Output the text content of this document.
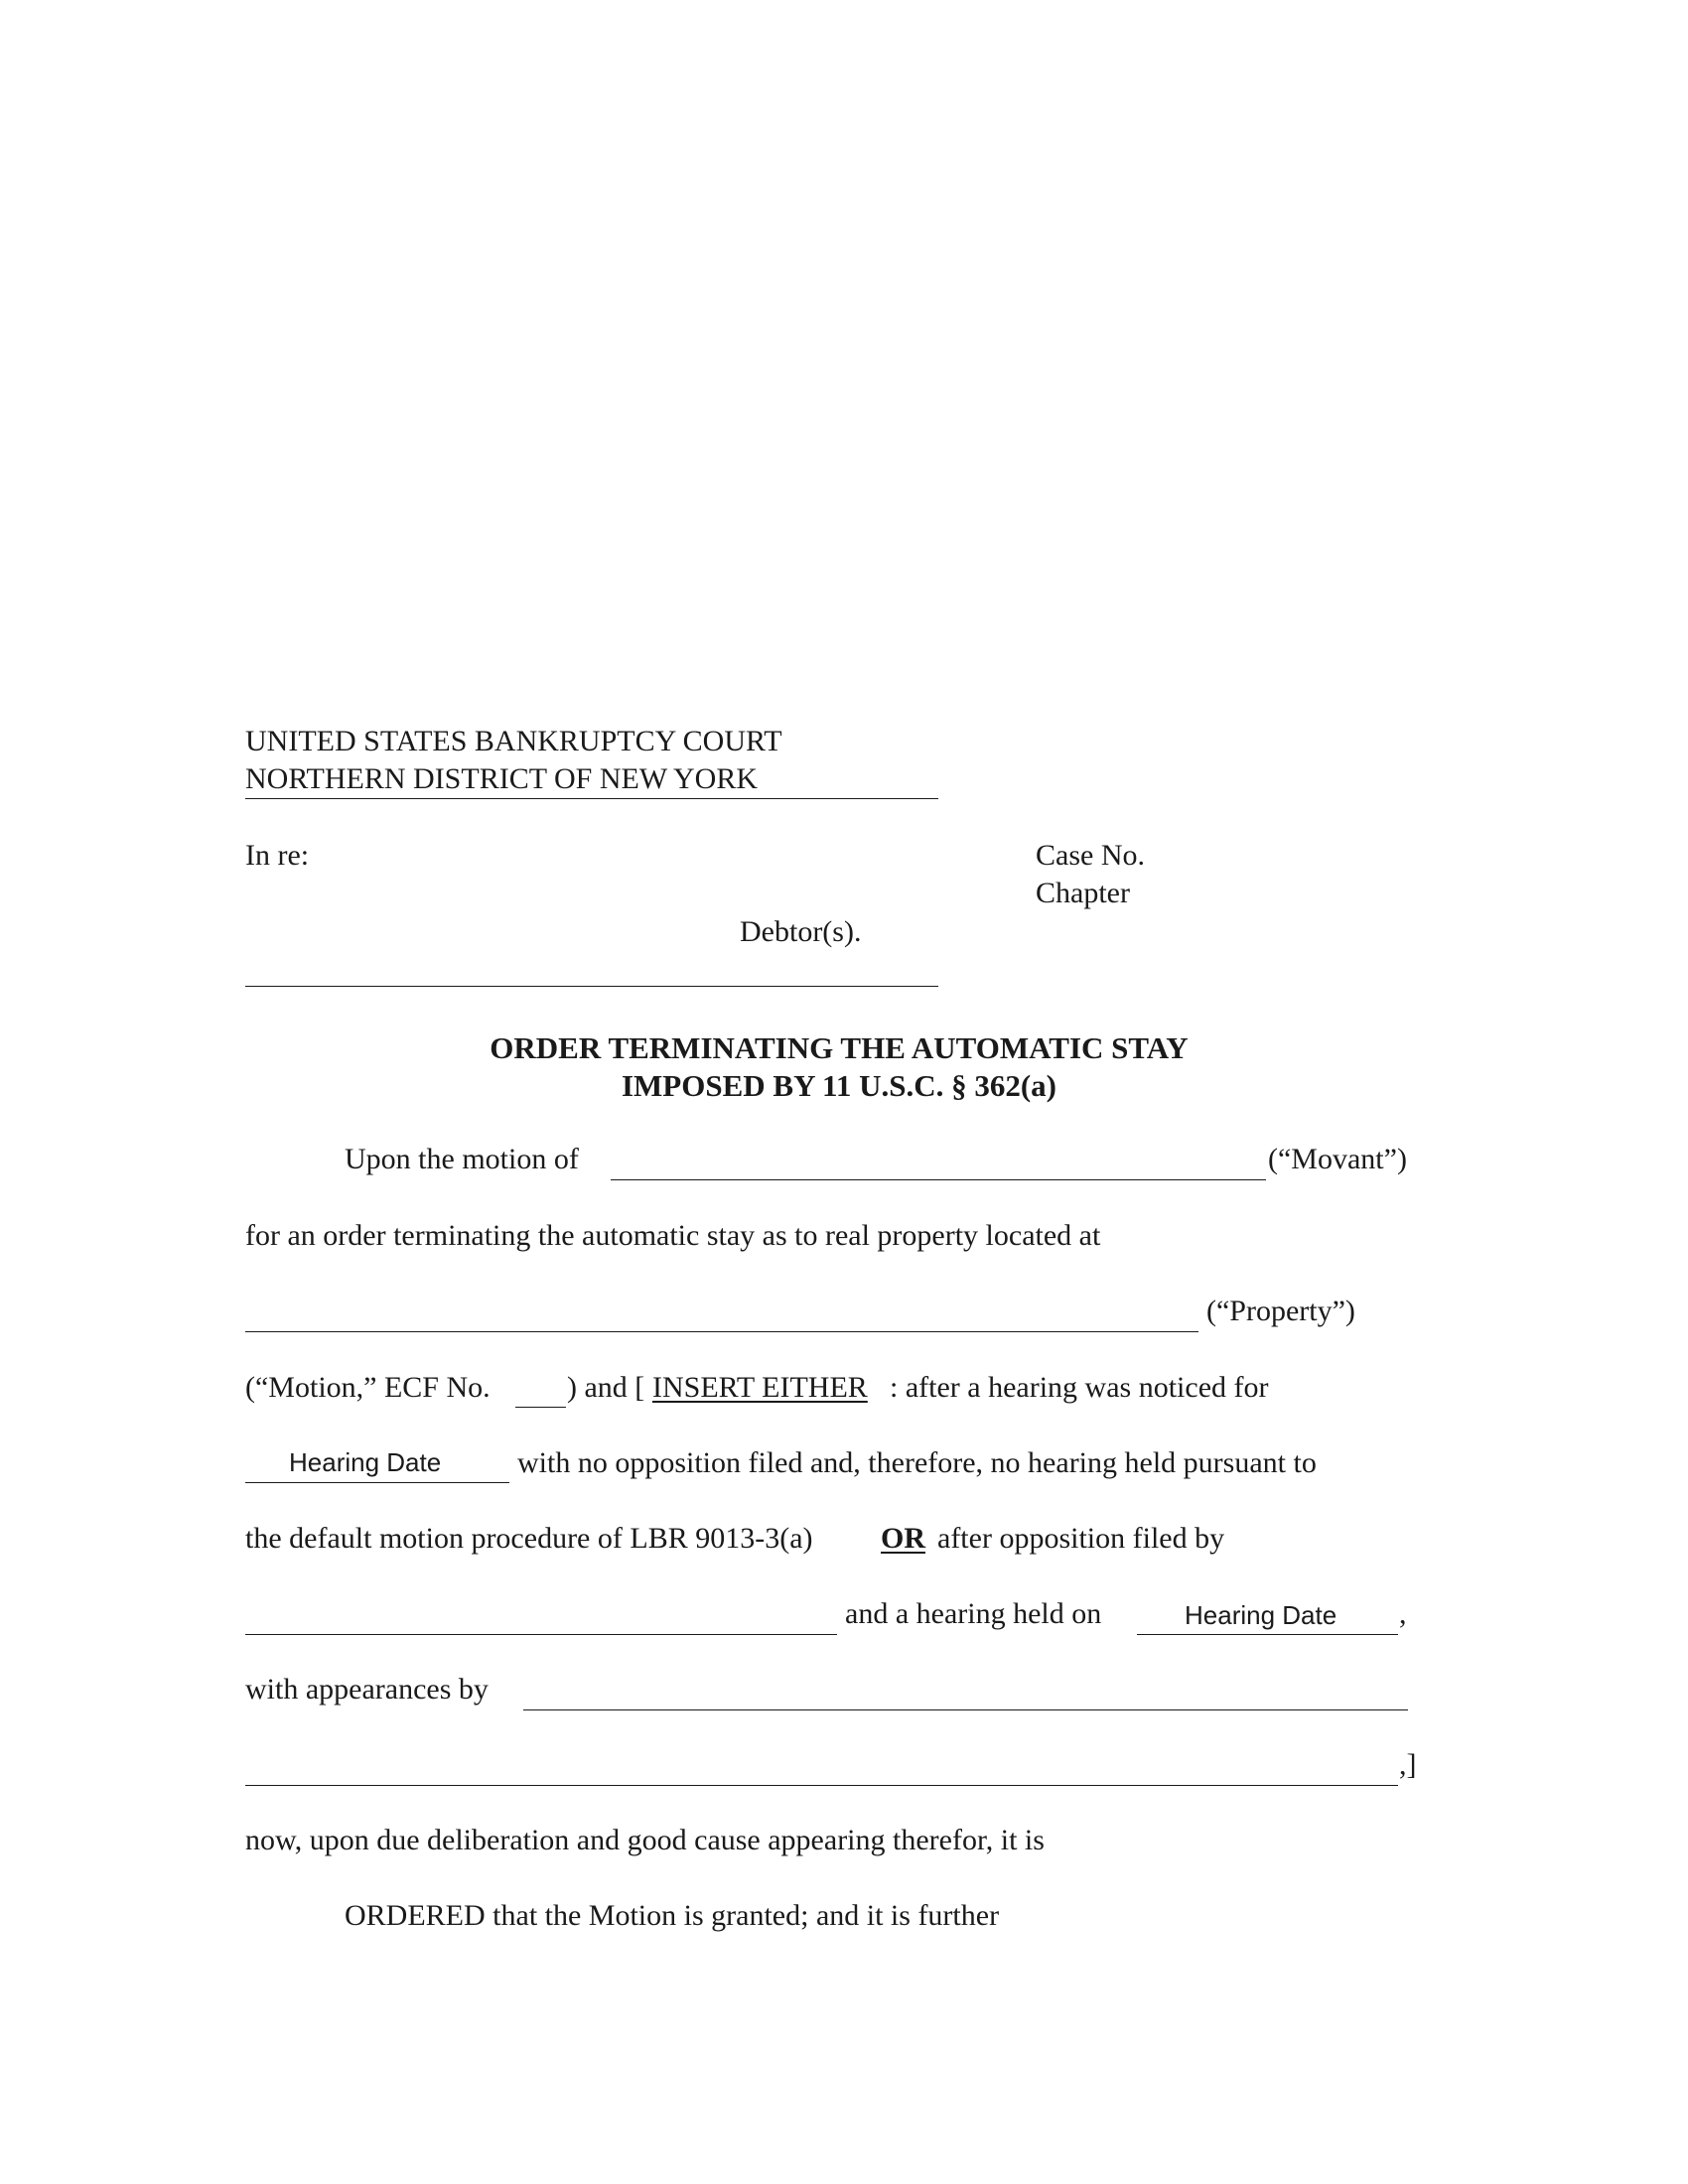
UNITED STATES BANKRUPTCY COURT
NORTHERN DISTRICT OF NEW YORK
In re:	Case No.
Chapter
Debtor(s).
ORDER TERMINATING THE AUTOMATIC STAY
IMPOSED BY 11 U.S.C. § 362(a)
Upon the motion of	(“Movant”)
for an order terminating the automatic stay as to real property located at
(“Property”)
(“Motion,” ECF No.	) and [ INSERT EITHER : after a hearing was noticed for
Hearing Date	with no opposition filed and, therefore, no hearing held pursuant to
the default motion procedure of LBR 9013-3(a) OR after opposition filed by
and a hearing held on	Hearing Date ,
with appearances by
,]
now, upon due deliberation and good cause appearing therefor, it is
ORDERED that the Motion is granted; and it is further
